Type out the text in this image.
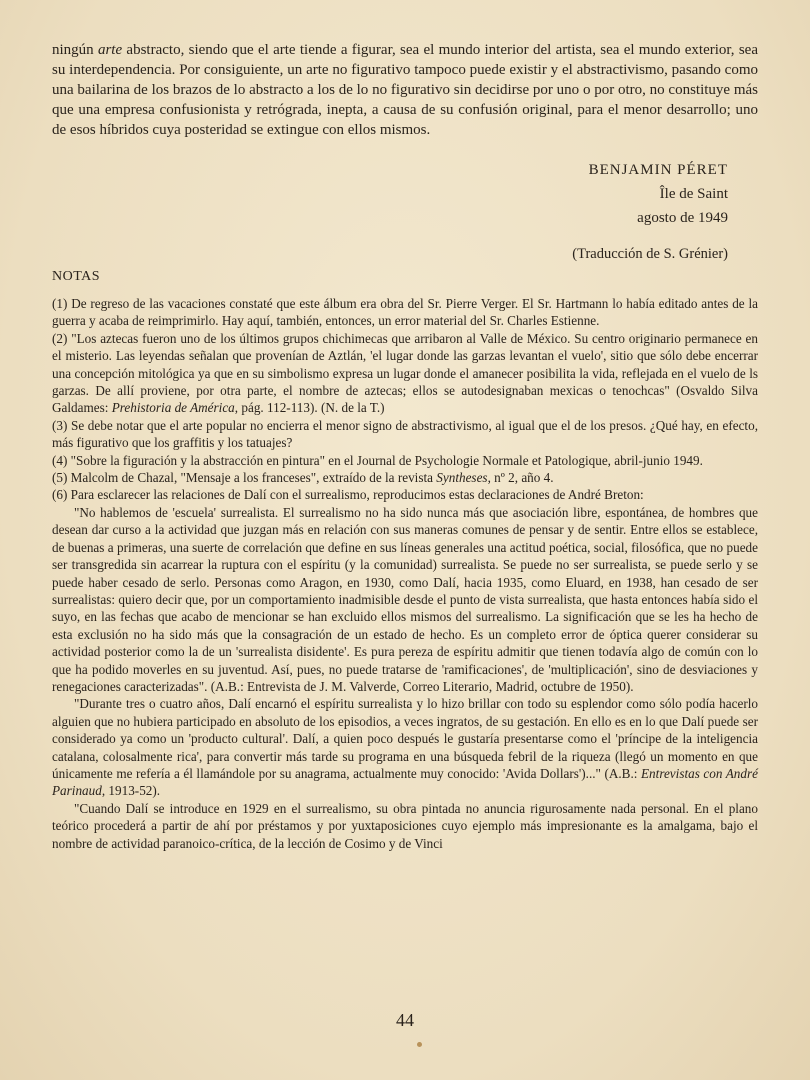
ningún arte abstracto, siendo que el arte tiende a figurar, sea el mundo interior del artista, sea el mundo exterior, sea su interdependencia. Por consiguiente, un arte no figurativo tampoco puede existir y el abstractivismo, pasando como una bailarina de los brazos de lo abstracto a los de lo no figurativo sin decidirse por uno o por otro, no constituye más que una empresa confusionista y retrógrada, inepta, a causa de su confusión original, para el menor desarrollo; uno de esos híbridos cuya posteridad se extingue con ellos mismos.

BENJAMIN PÉRET
Île de Saint
agosto de 1949
(Traducción de S. Grénier)
NOTAS

(1) De regreso de las vacaciones constaté que este álbum era obra del Sr. Pierre Verger. El Sr. Hartmann lo había editado antes de la guerra y acaba de reimprimirlo. Hay aquí, también, entonces, un error material del Sr. Charles Estienne.

(2) "Los aztecas fueron uno de los últimos grupos chichimecas que arribaron al Valle de México. Su centro originario permanece en el misterio. Las leyendas señalan que provenían de Aztlán, 'el lugar donde las garzas levantan el vuelo', sitio que sólo debe encerrar una concepción mitológica ya que en su simbolismo expresa un lugar donde el amanecer posibilita la vida, reflejada en el vuelo de ls garzas. De allí proviene, por otra parte, el nombre de aztecas; ellos se autodesignaban mexicas o tenochcas" (Osvaldo Silva Galdames: Prehistoria de América, pág. 112-113). (N. de la T.)

(3) Se debe notar que el arte popular no encierra el menor signo de abstractivismo, al igual que el de los presos. ¿Qué hay, en efecto, más figurativo que los graffitis y los tatuajes?

(4) "Sobre la figuración y la abstracción en pintura" en el Journal de Psychologie Normale et Patologique, abril-junio 1949.

(5) Malcolm de Chazal, "Mensaje a los franceses", extraído de la revista Syntheses, nº 2, año 4.

(6) Para esclarecer las relaciones de Dalí con el surrealismo, reproducimos estas declaraciones de André Breton:

"No hablemos de 'escuela' surrealista. El surrealismo no ha sido nunca más que asociación libre, espontánea, de hombres que desean dar curso a la actividad que juzgan más en relación con sus maneras comunes de pensar y de sentir. Entre ellos se establece, de buenas a primeras, una suerte de correlación que define en sus líneas generales una actitud poética, social, filosófica, que no puede ser transgredida sin acarrear la ruptura con el espíritu (y la comunidad) surrealista. Se puede no ser surrealista, se puede serlo y se puede haber cesado de serlo. Personas como Aragon, en 1930, como Dalí, hacia 1935, como Eluard, en 1938, han cesado de ser surrealistas: quiero decir que, por un comportamiento inadmisible desde el punto de vista surrealista, que hasta entonces había sido el suyo, en las fechas que acabo de mencionar se han excluido ellos mismos del surrealismo. La significación que se les ha hecho de esta exclusión no ha sido más que la consagración de un estado de hecho. Es un completo error de óptica querer considerar su actividad posterior como la de un 'surrealista disidente'. Es pura pereza de espíritu admitir que tienen todavía algo de común con lo que ha podido moverles en su juventud. Así, pues, no puede tratarse de 'ramificaciones', de 'multiplicación', sino de desviaciones y renegaciones caracterizadas". (A.B.: Entrevista de J. M. Valverde, Correo Literario, Madrid, octubre de 1950).

"Durante tres o cuatro años, Dalí encarnó el espíritu surrealista y lo hizo brillar con todo su esplendor como sólo podía hacerlo alguien que no hubiera participado en absoluto de los episodios, a veces ingratos, de su gestación. En ello es en lo que Dalí puede ser considerado ya como un 'producto cultural'. Dalí, a quien poco después le gustaría presentarse como el 'príncipe de la inteligencia catalana, colosalmente rica', para convertir más tarde su programa en una búsqueda febril de la riqueza (llegó un momento en que únicamente me refería a él llamándole por su anagrama, actualmente muy conocido: 'Avida Dollars')..." (A.B.: Entrevistas con André Parinaud, 1913-52).

"Cuando Dalí se introduce en 1929 en el surrealismo, su obra pintada no anuncia rigurosamente nada personal. En el plano teórico procederá a partir de ahí por préstamos y por yuxtaposiciones cuyo ejemplo más impresionante es la amalgama, bajo el nombre de actividad paranoico-crítica, de la lección de Cosimo y de Vinci

44
